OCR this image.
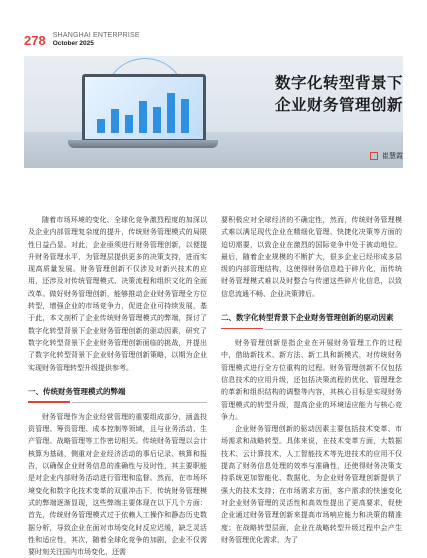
278 SHANGHAI ENTERPRISE
October 2025
数字化转型背景下
企业财务管理创新
崔慧霞

随着市场环境的变化、全球化竞争激烈程度的加深以及企业内部管理复杂度的提升，传统财务管理模式的局限性日益凸显。对此，企业亟须进行财务管理创新，以便提升财务管理水平，为管理层提供更多的决策支持，进而实现高质量发展。财务管理创新不仅涉及对新兴技术的应用，还涉及对传统管理模式、决策流程和组织文化的全面改革。做好财务管理创新，能够推动企业财务管理全方位转型，增强企业的市场竞争力，促进企业可持续发展，基于此，本文剖析了企业传统财务管理模式的弊端，探讨了数字化转型背景下企业财务管理创新的驱动因素，研究了数字化转型背景下企业财务管理创新面临的挑战，并提出了数字化转型背景下企业财务管理创新策略，以期为企业实现财务管理转型升级提供参考。

一、传统财务管理模式的弊端

财务管理作为企业经营管理的重要组成部分，涵盖投资管理、筹资管理、成本控制等领域，且与业务活动、生产管理、战略管理等工作密切相关。传统财务管理以会计核算为基础，侧重对企业经济活动的事后记录、核算和报告，以确保企业财务信息的准确性与及时性，其主要职能是对企业内部财务活动进行管理和监督。然而，在市场环境变化和数字化技术变革的双重冲击下，传统财务管理模式的弊端逐渐显现，这些弊端主要体现在以下几个方面：首先，传统财务管理模式过于依赖人工操作和静态历史数据分析，导致企业在面对市场变化时反应迟缓，缺乏灵活性和适应性，其次，随着全球化竞争的加剧，企业不仅需要时刻关注国内市场变化，还需

要积极应对全球经济的不确定性，然而，传统财务管理模式难以满足现代企业在精细化管理、快捷化决策等方面的迫切需要，以致企业在激烈的国际竞争中处于被动地位。最后，随着企业规模的不断扩大，很多企业已经形成多层级的内部管理结构，这使得财务信息趋于碎片化，而传统财务管理模式难以及时整合与传递这些碎片化信息，以致信息流通不畅、企业决策滞后。

二、数字化转型背景下企业财务管理创新的驱动因素

财务管理创新是指企业在开展财务管理工作的过程中，借助新技术、新方法、新工具和新模式，对传统财务管理模式进行全方位重构的过程。财务管理创新不仅包括信息技术的应用升级，还包括决策流程的优化、管理理念的革新和组织结构的调整等内容，其核心目标是实现财务管理模式的转型升级，提高企业的环境适应能力与核心竞争力。

企业财务管理创新的驱动因素主要包括技术变革、市场需求和战略转型。具体来说，在技术变革方面，大数据技术、云计算技术、人工智能技术等先进技术的应用不仅提高了财务信息处理的效率与准确性，还使得财务决策支持系统更加智能化、数据化，为企业财务管理创新提供了强大的技术支持；在市场需求方面，客户需求的快速变化对企业财务管理的灵活性和高效性提出了更高要求，促使企业通过财务管理创新来提高市场响应能力和决策的精准度；在战略转型层面，企业在战略转型升级过程中会产生财务管理优化需求，为了
